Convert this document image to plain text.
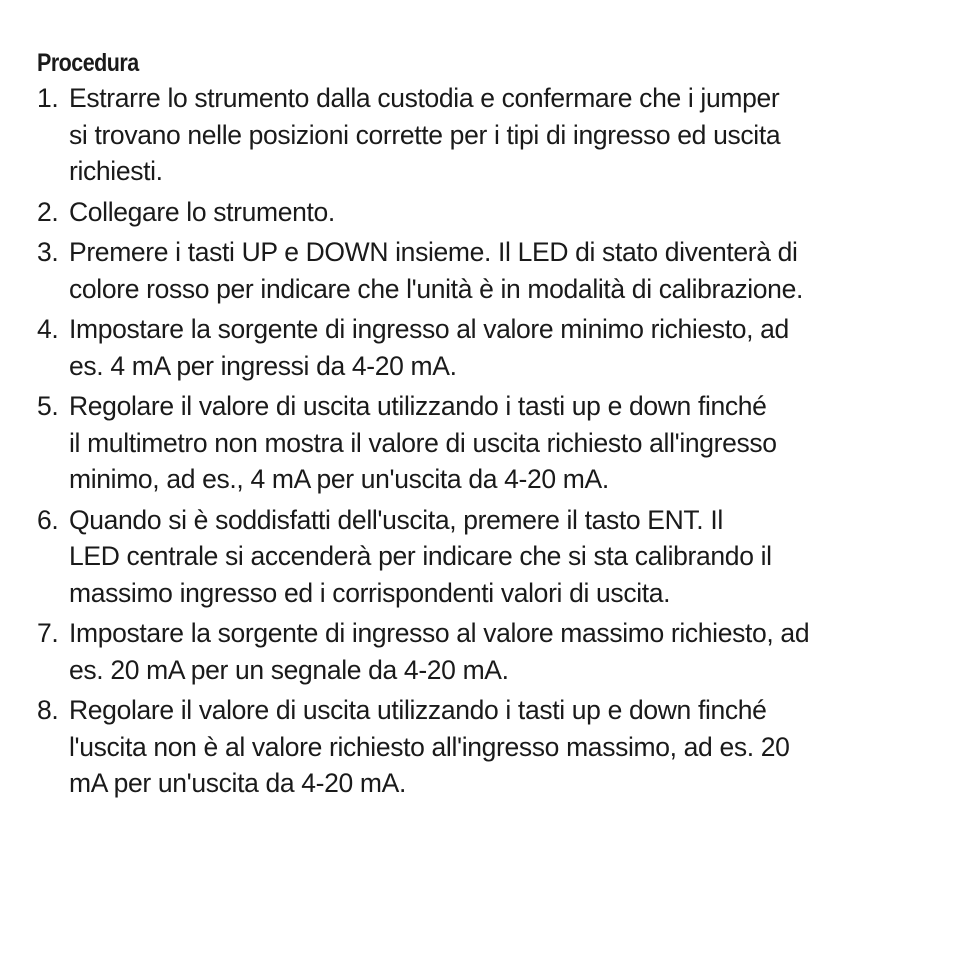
Procedura
1. Estrarre lo strumento dalla custodia e confermare che i jumper
si trovano nelle posizioni corrette per i tipi di ingresso ed uscita
richiesti.
2. Collegare lo strumento.
3. Premere i tasti UP e DOWN insieme. Il LED di stato diventerà di
colore rosso per indicare che l'unità è in modalità di calibrazione.
4. Impostare la sorgente di ingresso al valore minimo richiesto, ad
es. 4 mA per ingressi da 4-20 mA.
5. Regolare il valore di uscita utilizzando i tasti up e down finché
il multimetro non mostra il valore di uscita richiesto all'ingresso
minimo, ad es., 4 mA per un'uscita da 4-20 mA.
6. Quando si è soddisfatti dell'uscita, premere il tasto ENT. Il
LED centrale si accenderà per indicare che si sta calibrando il
massimo ingresso ed i corrispondenti valori di uscita.
7. Impostare la sorgente di ingresso al valore massimo richiesto, ad
es. 20 mA per un segnale da 4-20 mA.
8. Regolare il valore di uscita utilizzando i tasti up e down finché
l'uscita non è al valore richiesto all'ingresso massimo, ad es. 20
mA per un'uscita da 4-20 mA.
